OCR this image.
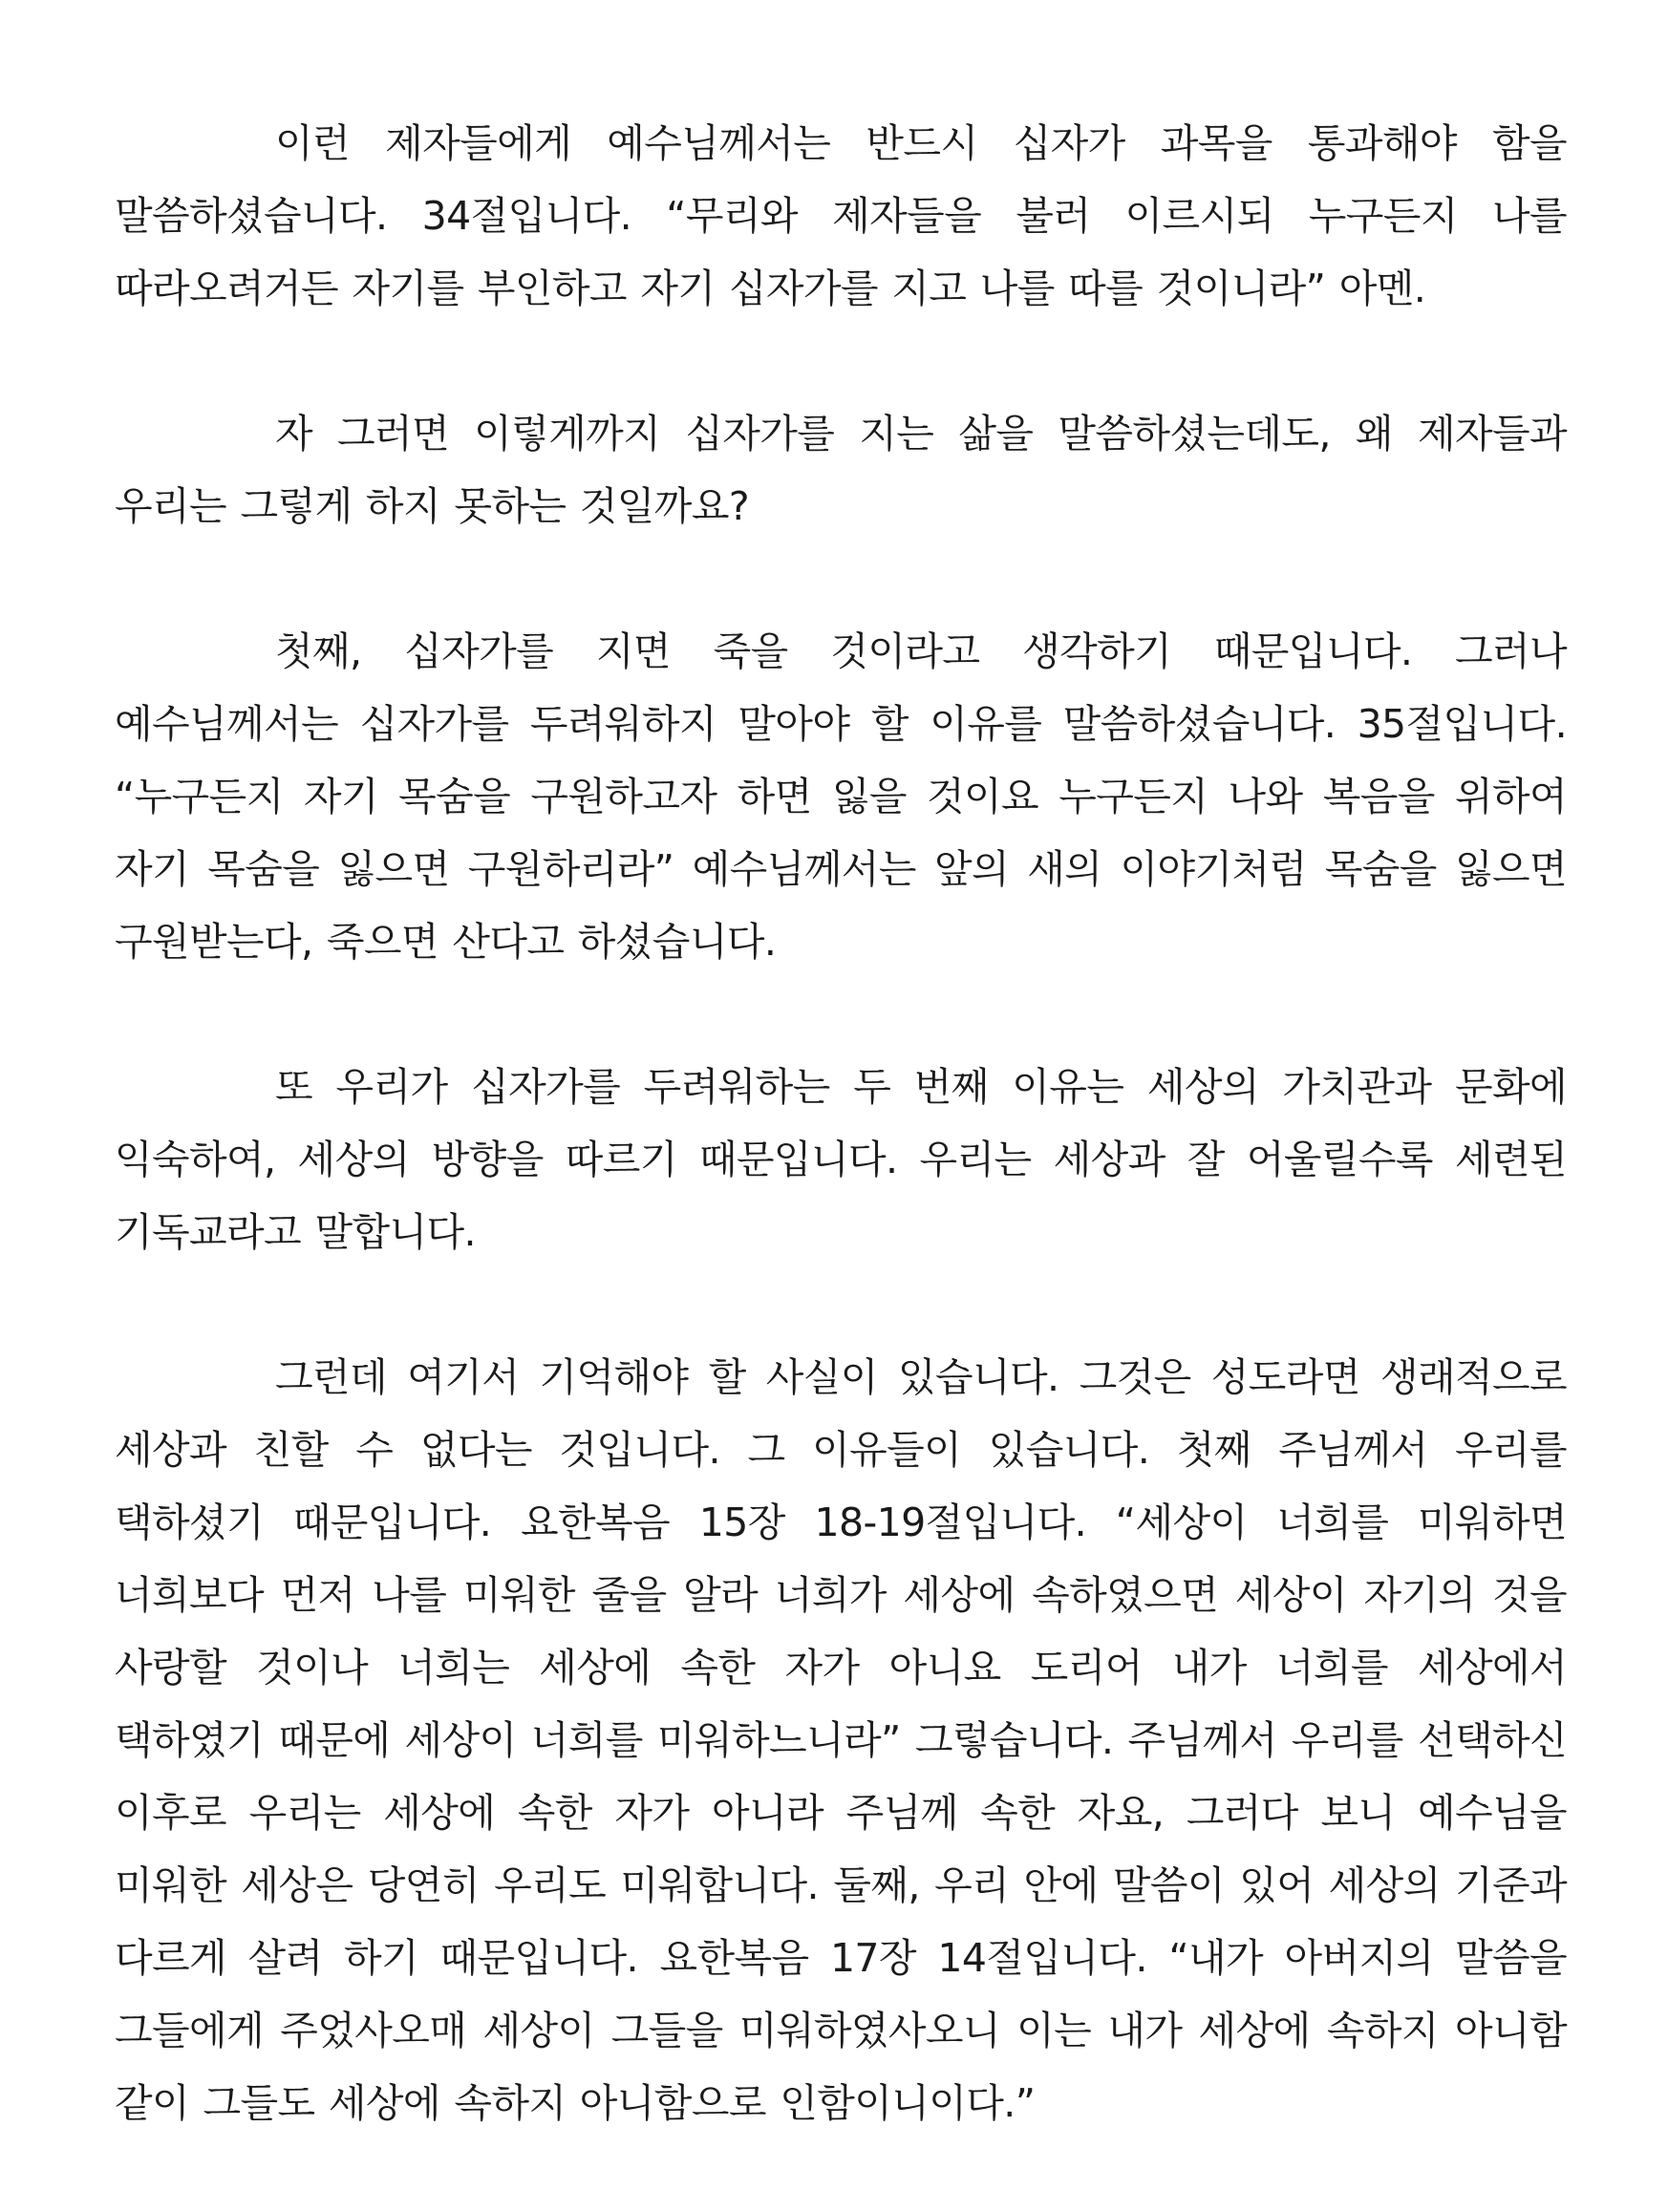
이런 제자들에게 예수님께서는 반드시 십자가 과목을 통과해야 함을 말씀하셨습니다. 34절입니다. “무리와 제자들을 불러 이르시되 누구든지 나를 따라오려거든 자기를 부인하고 자기 십자가를 지고 나를 따를 것이니라” 아멘.

자 그러면 이렇게까지 십자가를 지는 삶을 말씀하셨는데도, 왜 제자들과 우리는 그렇게 하지 못하는 것일까요?

첫째, 십자가를 지면 죽을 것이라고 생각하기 때문입니다. 그러나 예수님께서는 십자가를 두려워하지 말아야 할 이유를 말씀하셨습니다. 35절입니다. “누구든지 자기 목숨을 구원하고자 하면 잃을 것이요 누구든지 나와 복음을 위하여 자기 목숨을 잃으면 구원하리라” 예수님께서는 앞의 새의 이야기처럼 목숨을 잃으면 구원받는다, 죽으면 산다고 하셨습니다.

또 우리가 십자가를 두려워하는 두 번째 이유는 세상의 가치관과 문화에 익숙하여, 세상의 방향을 따르기 때문입니다. 우리는 세상과 잘 어울릴수록 세련된 기독교라고 말합니다.

그런데 여기서 기억해야 할 사실이 있습니다. 그것은 성도라면 생래적으로 세상과 친할 수 없다는 것입니다. 그 이유들이 있습니다. 첫째 주님께서 우리를 택하셨기 때문입니다. 요한복음 15장 18-19절입니다. “세상이 너희를 미워하면 너희보다 먼저 나를 미워한 줄을 알라 너희가 세상에 속하였으면 세상이 자기의 것을 사랑할 것이나 너희는 세상에 속한 자가 아니요 도리어 내가 너희를 세상에서 택하였기 때문에 세상이 너희를 미워하느니라” 그렇습니다. 주님께서 우리를 선택하신 이후로 우리는 세상에 속한 자가 아니라 주님께 속한 자요, 그러다 보니 예수님을 미워한 세상은 당연히 우리도 미워합니다. 둘째, 우리 안에 말씀이 있어 세상의 기준과 다르게 살려 하기 때문입니다. 요한복음 17장 14절입니다. “내가 아버지의 말씀을 그들에게 주었사오매 세상이 그들을 미워하였사오니 이는 내가 세상에 속하지 아니함 같이 그들도 세상에 속하지 아니함으로 인함이니이다.”
